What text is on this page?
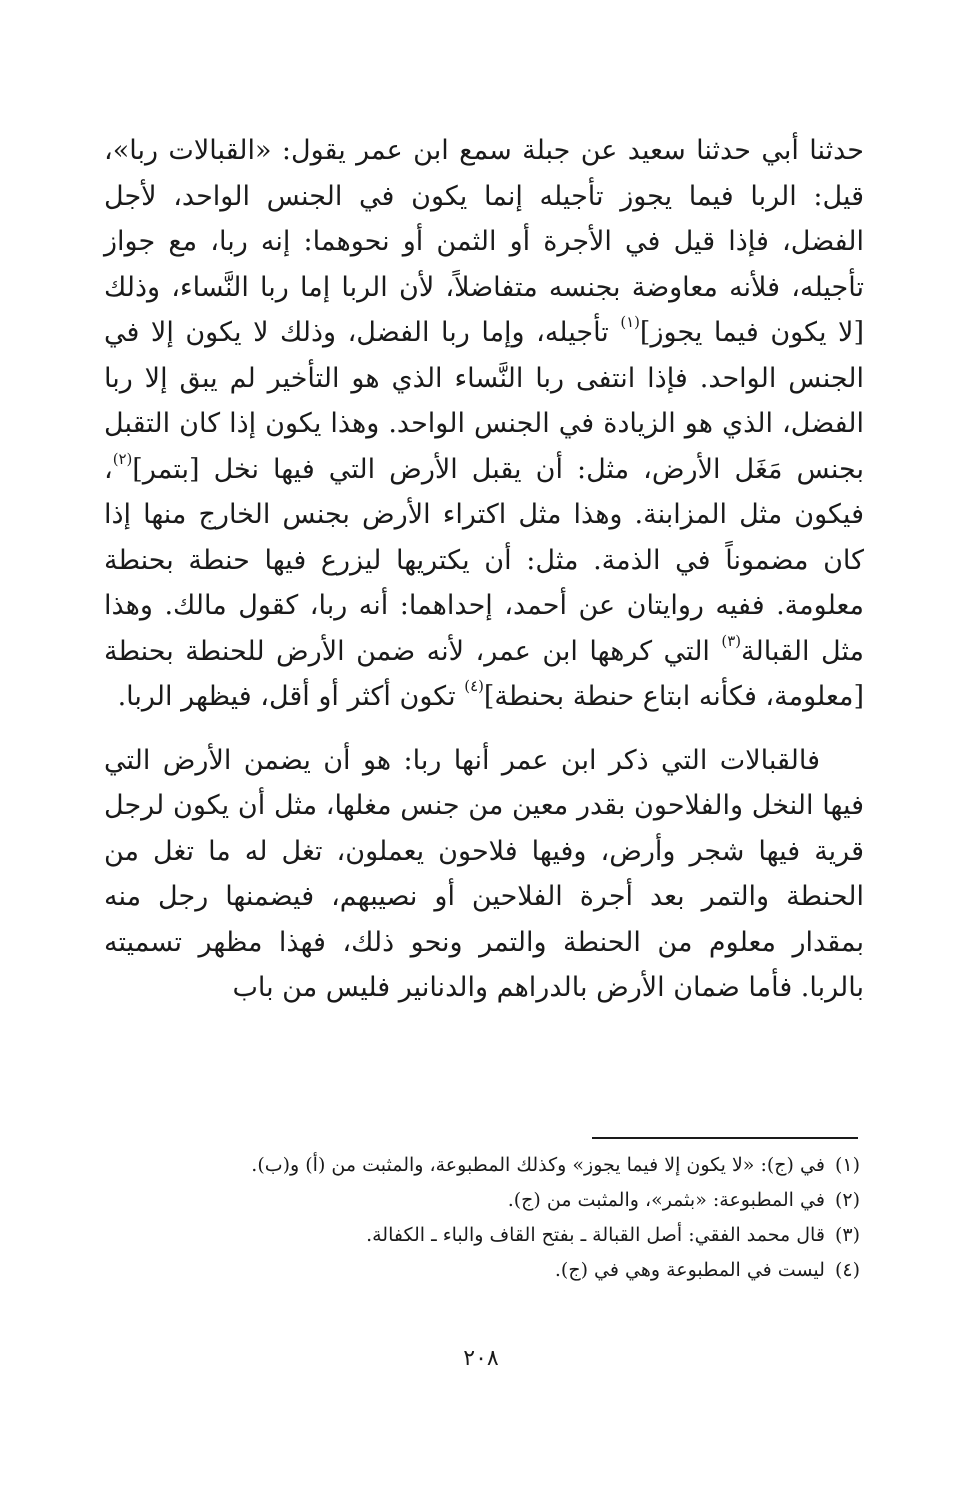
حدثنا أبي حدثنا سعيد عن جبلة سمع ابن عمر يقول: «القبالات ربا»، قيل: الربا فيما يجوز تأجيله إنما يكون في الجنس الواحد، لأجل الفضل، فإذا قيل في الأجرة أو الثمن أو نحوهما: إنه ربا، مع جواز تأجيله، فلأنه معاوضة بجنسه متفاضلاً، لأن الربا إما ربا النَّساء، وذلك [لا يكون فيما يجوز]$^{(١)}$ تأجيله، وإما ربا الفضل، وذلك لا يكون إلا في الجنس الواحد. فإذا انتفى ربا النَّساء الذي هو التأخير لم يبق إلا ربا الفضل، الذي هو الزيادة في الجنس الواحد. وهذا يكون إذا كان التقبل بجنس مَغَل الأرض، مثل: أن يقبل الأرض التي فيها نخل [بتمر]$^{(٢)}$، فيكون مثل المزابنة. وهذا مثل اكتراء الأرض بجنس الخارج منها إذا كان مضموناً في الذمة. مثل: أن يكتريها ليزرع فيها حنطة بحنطة معلومة. ففيه روايتان عن أحمد، إحداهما: أنه ربا، كقول مالك. وهذا مثل القبالة$^{(٣)}$ التي كرهها ابن عمر، لأنه ضمن الأرض للحنطة بحنطة [معلومة، فكأنه ابتاع حنطة بحنطة]$^{(٤)}$ تكون أكثر أو أقل، فيظهر الربا.

فالقبالات التي ذكر ابن عمر أنها ربا: هو أن يضمن الأرض التي فيها النخل والفلاحون بقدر معين من جنس مغلها، مثل أن يكون لرجل قرية فيها شجر وأرض، وفيها فلاحون يعملون، تغل له ما تغل من الحنطة والتمر بعد أجرة الفلاحين أو نصيبهم، فيضمنها رجل منه بمقدار معلوم من الحنطة والتمر ونحو ذلك، فهذا مظهر تسميته بالربا. فأما ضمان الأرض بالدراهم والدنانير فليس من باب

(١)في (ج): «لا يكون إلا فيما يجوز» وكذلك المطبوعة، والمثبت من (أ) و(ب).
(٢)في المطبوعة: «بثمر»، والمثبت من (ج).
(٣)قال محمد الفقي: أصل القبالة ـ بفتح القاف والباء ـ الكفالة.
(٤)ليست في المطبوعة وهي في (ج).
٢٠٨
